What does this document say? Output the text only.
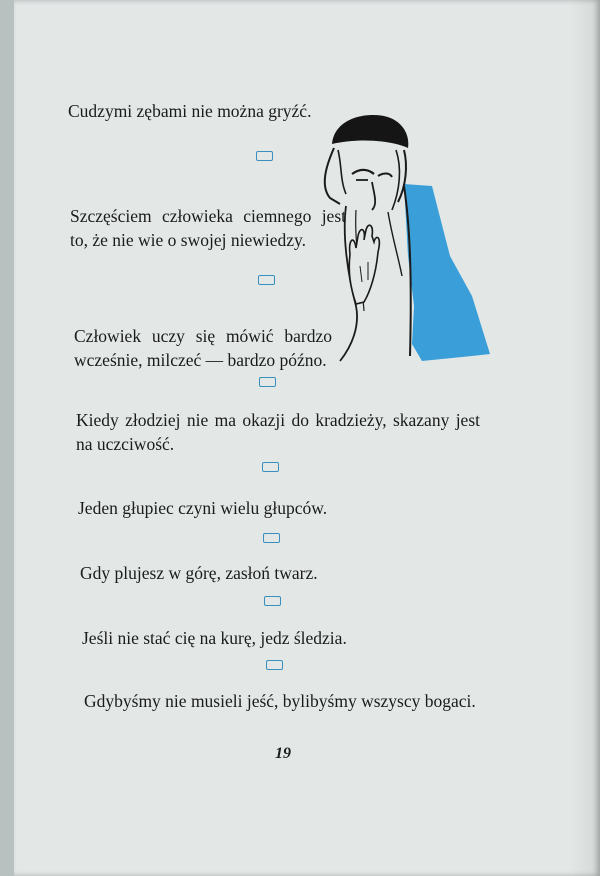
Cudzymi zębami nie można gryźć.

Szczęściem człowieka ciemnego jest to, że nie wie o swojej niewiedzy.

Człowiek uczy się mówić bardzo wcześnie, milczeć — bardzo późno.

Kiedy złodziej nie ma okazji do kradzieży, skazany jest na uczciwość.

Jeden głupiec czyni wielu głupców.

Gdy plujesz w górę, zasłoń twarz.

Jeśli nie stać cię na kurę, jedz śledzia.

Gdybyśmy nie musieli jeść, bylibyśmy wszyscy bogaci.

19
